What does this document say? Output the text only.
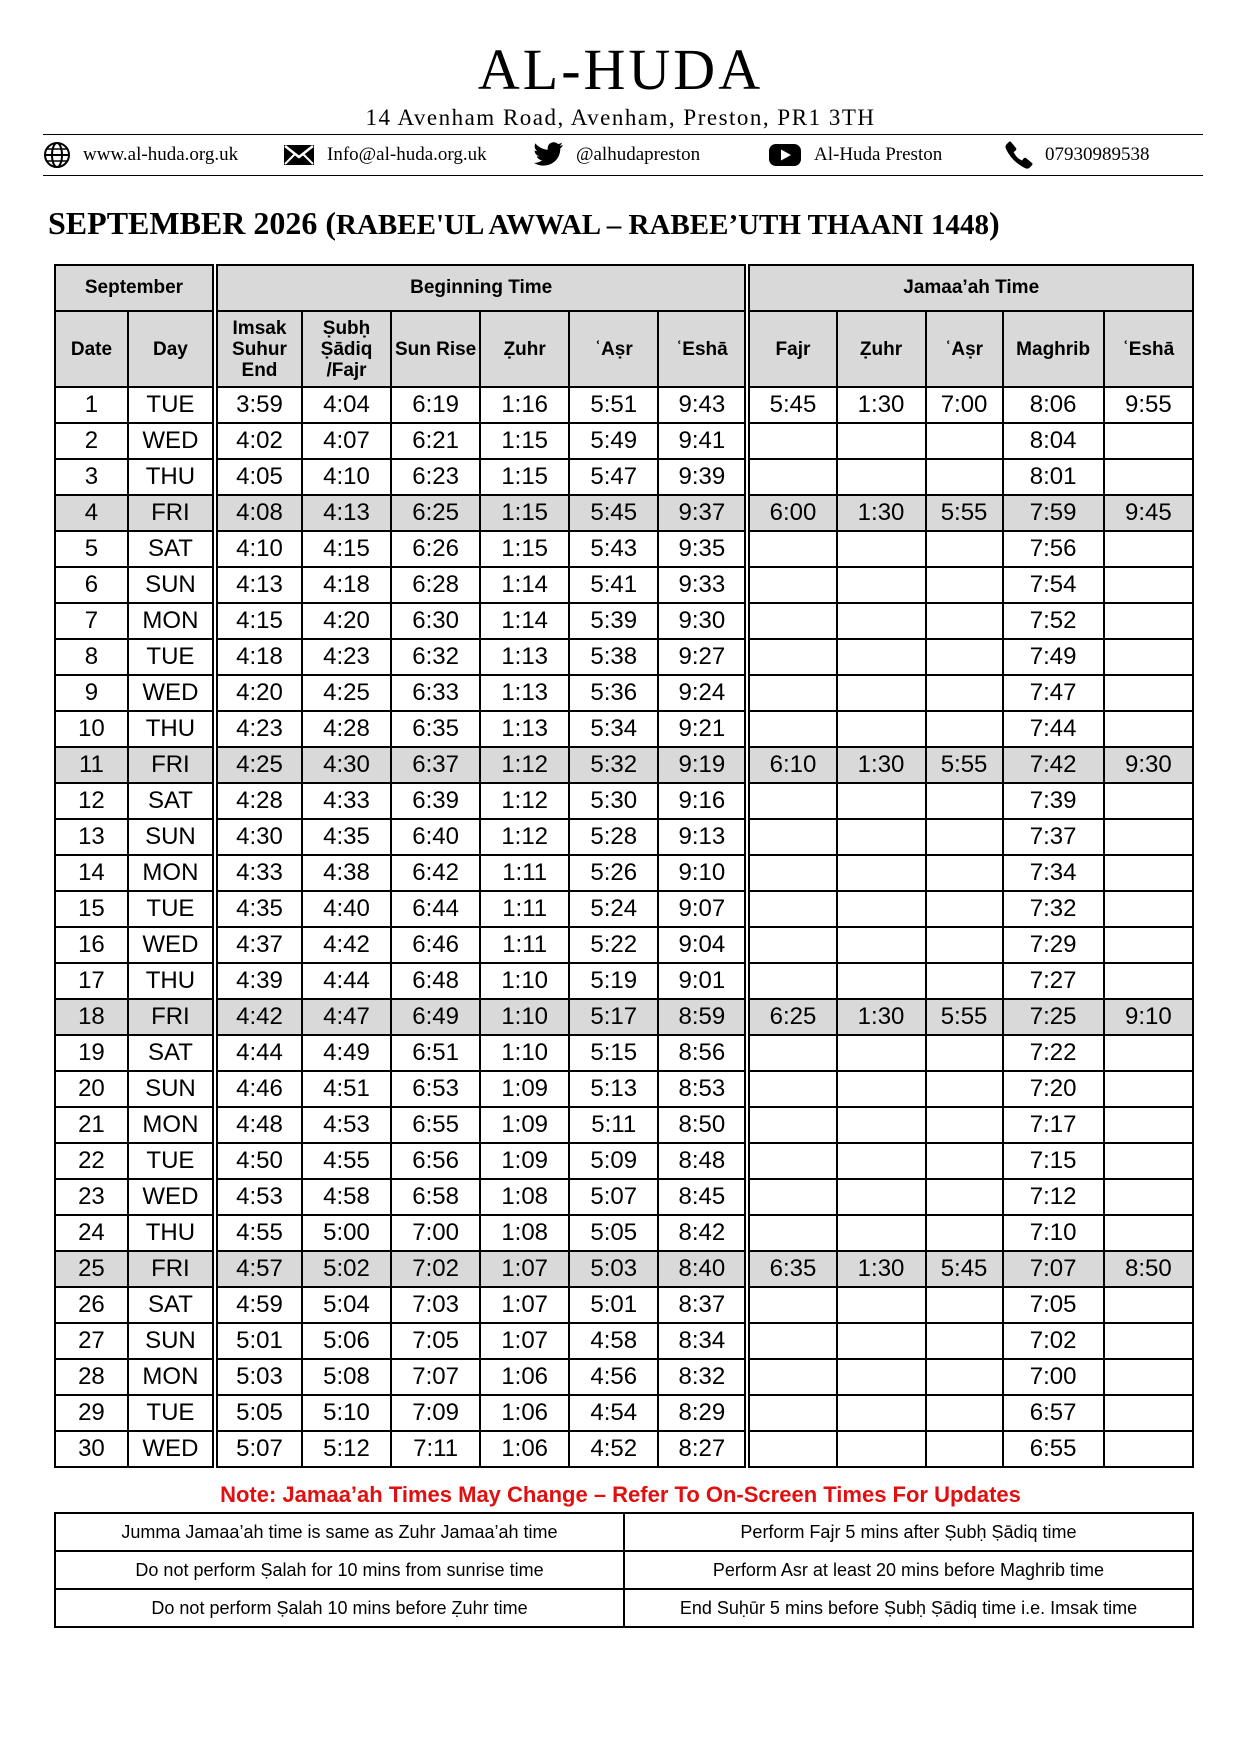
AL-HUDA
14 Avenham Road, Avenham, Preston, PR1 3TH
www.al-huda.org.uk	Info@al-huda.org.uk	@alhudapreston	Al-Huda Preston	07930989538
SEPTEMBER 2026 (RABEE'UL AWWAL – RABEE’UTH THAANI 1448)
September		Beginning Time						Jamaa’ah Time				
Date	Day	Imsak Suhur End	Ṣubḥ Ṣādiq /Fajr	Sun Rise	Ẓuhr	ʿAṣr	ʿEshā	Fajr	Ẓuhr	ʿAṣr	Maghrib	ʿEshā
1	TUE	3:59	4:04	6:19	1:16	5:51	9:43	5:45	1:30	7:00	8:06	9:55
2	WED	4:02	4:07	6:21	1:15	5:49	9:41				8:04	
3	THU	4:05	4:10	6:23	1:15	5:47	9:39				8:01	
4	FRI	4:08	4:13	6:25	1:15	5:45	9:37	6:00	1:30	5:55	7:59	9:45
5	SAT	4:10	4:15	6:26	1:15	5:43	9:35				7:56	
6	SUN	4:13	4:18	6:28	1:14	5:41	9:33				7:54	
7	MON	4:15	4:20	6:30	1:14	5:39	9:30				7:52	
8	TUE	4:18	4:23	6:32	1:13	5:38	9:27				7:49	
9	WED	4:20	4:25	6:33	1:13	5:36	9:24				7:47	
10	THU	4:23	4:28	6:35	1:13	5:34	9:21				7:44	
11	FRI	4:25	4:30	6:37	1:12	5:32	9:19	6:10	1:30	5:55	7:42	9:30
12	SAT	4:28	4:33	6:39	1:12	5:30	9:16				7:39	
13	SUN	4:30	4:35	6:40	1:12	5:28	9:13				7:37	
14	MON	4:33	4:38	6:42	1:11	5:26	9:10				7:34	
15	TUE	4:35	4:40	6:44	1:11	5:24	9:07				7:32	
16	WED	4:37	4:42	6:46	1:11	5:22	9:04				7:29	
17	THU	4:39	4:44	6:48	1:10	5:19	9:01				7:27	
18	FRI	4:42	4:47	6:49	1:10	5:17	8:59	6:25	1:30	5:55	7:25	9:10
19	SAT	4:44	4:49	6:51	1:10	5:15	8:56				7:22	
20	SUN	4:46	4:51	6:53	1:09	5:13	8:53				7:20	
21	MON	4:48	4:53	6:55	1:09	5:11	8:50				7:17	
22	TUE	4:50	4:55	6:56	1:09	5:09	8:48				7:15	
23	WED	4:53	4:58	6:58	1:08	5:07	8:45				7:12	
24	THU	4:55	5:00	7:00	1:08	5:05	8:42				7:10	
25	FRI	4:57	5:02	7:02	1:07	5:03	8:40	6:35	1:30	5:45	7:07	8:50
26	SAT	4:59	5:04	7:03	1:07	5:01	8:37				7:05	
27	SUN	5:01	5:06	7:05	1:07	4:58	8:34				7:02	
28	MON	5:03	5:08	7:07	1:06	4:56	8:32				7:00	
29	TUE	5:05	5:10	7:09	1:06	4:54	8:29				6:57	
30	WED	5:07	5:12	7:11	1:06	4:52	8:27				6:55	
Note: Jamaa’ah Times May Change – Refer To On-Screen Times For Updates
Jumma Jamaa’ah time is same as Zuhr Jamaa’ah time	Perform Fajr 5 mins after Ṣubḥ Ṣādiq time
Do not perform Ṣalah for 10 mins from sunrise time	Perform Asr at least 20 mins before Maghrib time
Do not perform Ṣalah 10 mins before Ẓuhr time	End Suḥūr 5 mins before Ṣubḥ Ṣādiq time i.e. Imsak time
